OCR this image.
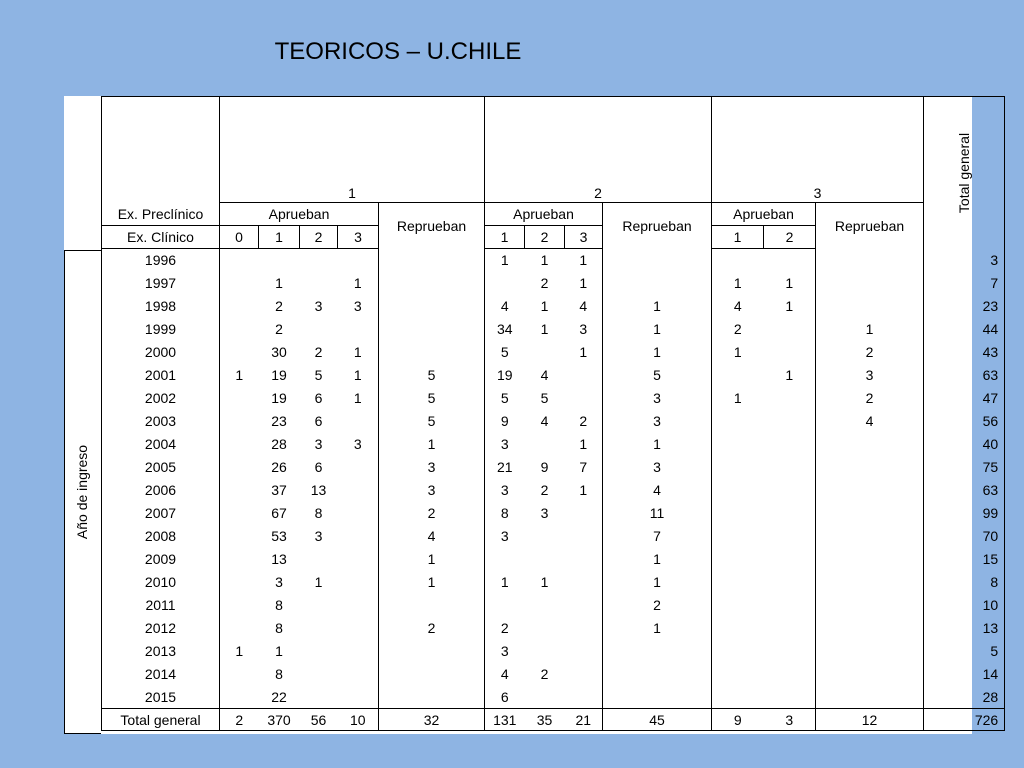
TEORICOS – U.CHILE
Año de ingreso
	1					2				3			Total general
Ex. Preclínico	Aprueban				Reprueban	Aprueban			Reprueban	Aprueban		Reprueban	
Ex. Clínico	0	1	2	3		1	2	3		1	2		
1996						1	1	1					3
1997		1		1			2	1		1	1		7
1998		2	3	3		4	1	4	1	4	1		23
1999		2				34	1	3	1	2		1	44
2000		30	2	1		5		1	1	1		2	43
2001	1	19	5	1	5	19	4		5		1	3	63
2002		19	6	1	5	5	5		3	1		2	47
2003		23	6		5	9	4	2	3			4	56
2004		28	3	3	1	3		1	1				40
2005		26	6		3	21	9	7	3				75
2006		37	13		3	3	2	1	4				63
2007		67	8		2	8	3		11				99
2008		53	3		4	3			7				70
2009		13			1				1				15
2010		3	1		1	1	1		1				8
2011		8							2				10
2012		8			2	2			1				13
2013	1	1				3							5
2014		8				4	2						14
2015		22				6							28
Total general	2	370	56	10	32	131	35	21	45	9	3	12	726
